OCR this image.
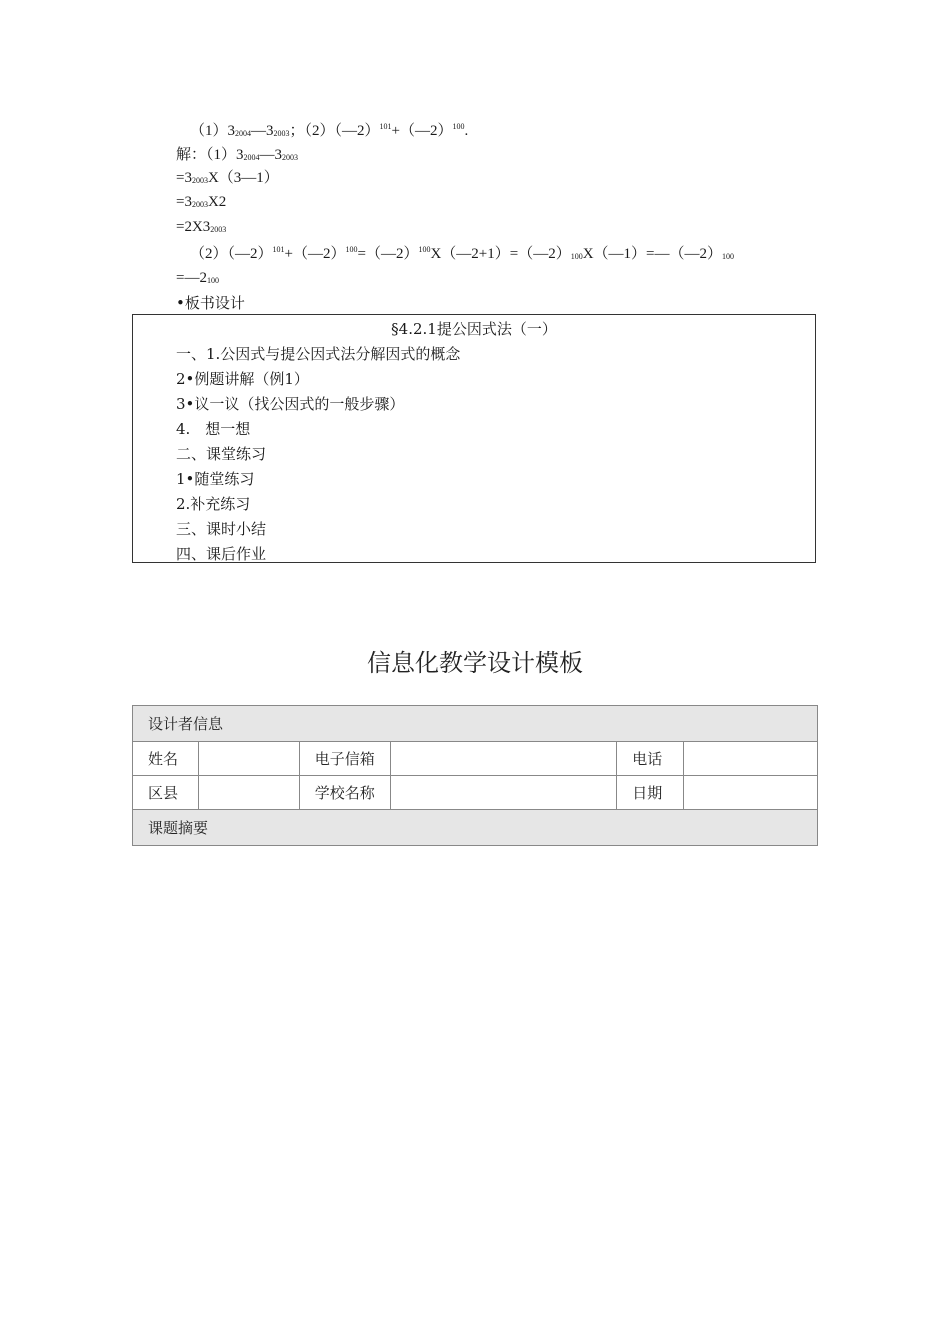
（1）32004—32003；（2）（—2）$^{101}$+（—2）$^{100}$.
解：（1）32004—32003
=32003X（3—1）
=32003X2
=2X32003
（2）（—2）$^{101}$+（—2）$^{100}$=（—2）$^{100}$X（—2+1）=（—2）100X（—1）=—（—2）100
=—2100
•板书设计
§4.2.1提公因式法（一）
一、1.公因式与提公因式法分解因式的概念
2•例题讲解（例1）
3•议一议（找公因式的一般步骤）
4.　想一想
二、课堂练习
1•随堂练习
2.补充练习
三、课时小结
四、课后作业
信息化教学设计模板
设计者信息					
姓名		电子信箱		电话	
区县		学校名称		日期	
课题摘要					
